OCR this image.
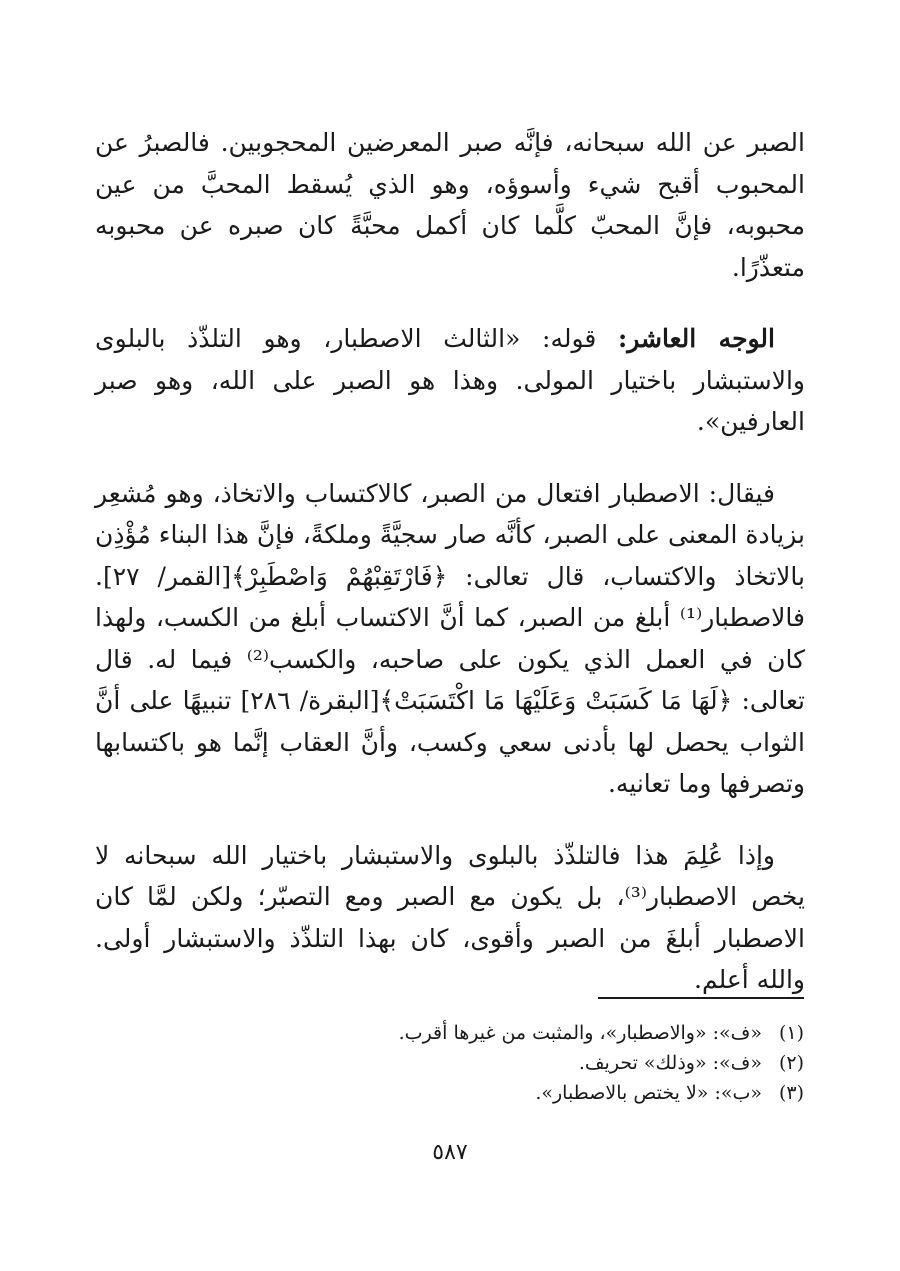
الصبر عن الله سبحانه، فإنَّه صبر المعرضين المحجوبين. فالصبرُ عن المحبوب أقبح شيء وأسوؤه، وهو الذي يُسقط المحبَّ من عين محبوبه، فإنَّ المحبّ كلَّما كان أكمل محبَّةً كان صبره عن محبوبه متعذّرًا.

الوجه العاشر: قوله: «الثالث الاصطبار، وهو التلذّذ بالبلوى والاستبشار باختيار المولى. وهذا هو الصبر على الله، وهو صبر العارفين».

فيقال: الاصطبار افتعال من الصبر، كالاكتساب والاتخاذ، وهو مُشعِر بزيادة المعنى على الصبر، كأنَّه صار سجيَّةً وملكةً، فإنَّ هذا البناء مُؤْذِن بالاتخاذ والاكتساب، قال تعالى: ﴿فَارْتَقِبْهُمْ وَاصْطَبِرْ﴾[القمر/ ٢٧]. فالاصطبار⁽¹⁾ أبلغ من الصبر، كما أنَّ الاكتساب أبلغ من الكسب، ولهذا كان في العمل الذي يكون على صاحبه، والكسب⁽²⁾ فيما له. قال تعالى: ﴿لَهَا مَا كَسَبَتْ وَعَلَيْهَا مَا اكْتَسَبَتْ﴾[البقرة/ ٢٨٦] تنبيهًا على أنَّ الثواب يحصل لها بأدنى سعي وكسب، وأنَّ العقاب إنَّما هو باكتسابها وتصرفها وما تعانيه.

وإذا عُلِمَ هذا فالتلذّذ بالبلوى والاستبشار باختيار الله سبحانه لا يخص الاصطبار⁽³⁾، بل يكون مع الصبر ومع التصبّر؛ ولكن لمَّا كان الاصطبار أبلغَ من الصبر وأقوى، كان بهذا التلذّذ والاستبشار أولى. والله أعلم.

(١)«ف»: «والاصطبار»، والمثبت من غيرها أقرب.
(٢)«ف»: «وذلك» تحريف.
(٣)«ب»: «لا يختص بالاصطبار».
٥٨٧
